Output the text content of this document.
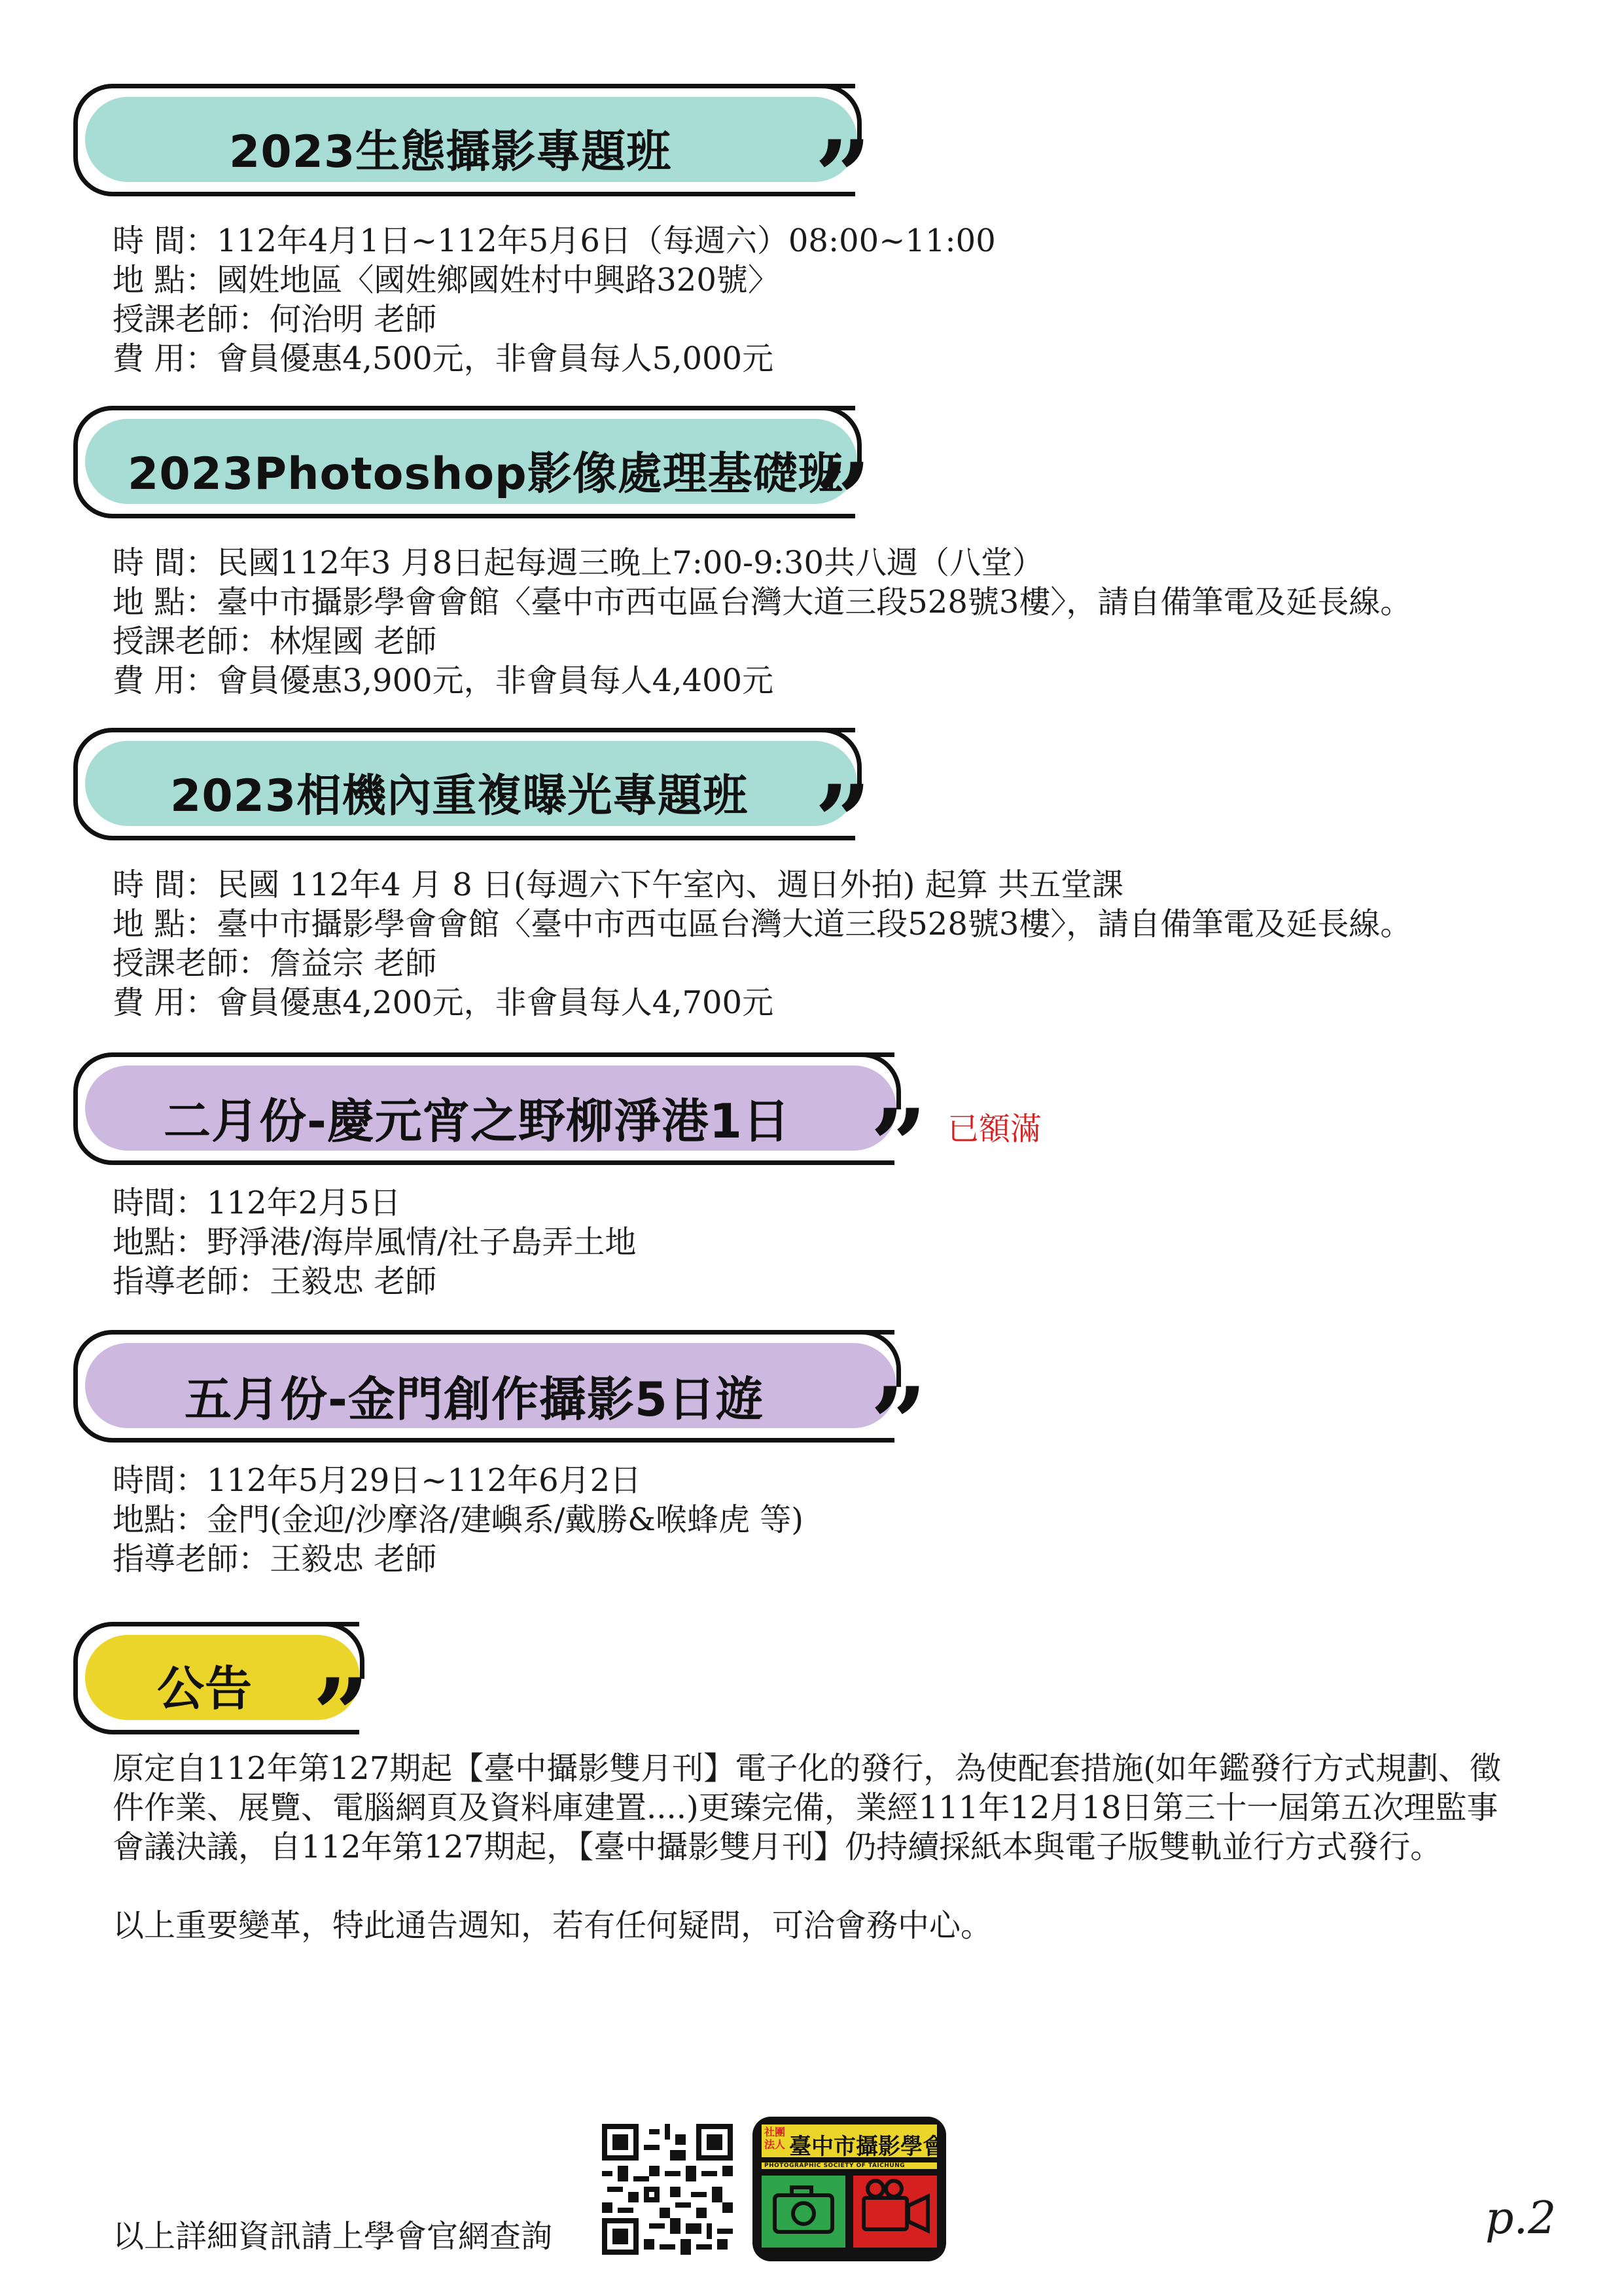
2023生態攝影專題班 ”
時 間：112年4月1日~112年5月6日（每週六）08:00~11:00
地 點：國姓地區〈國姓鄉國姓村中興路320號〉
授課老師：何治明 老師
費 用：會員優惠4,500元，非會員每人5,000元
2023Photoshop影像處理基礎班
”
時 間：民國112年3 月8日起每週三晚上7:00-9:30共八週（八堂）
地 點：臺中市攝影學會會館〈臺中市西屯區台灣大道三段528號3樓〉，請自備筆電及延長線。
授課老師：林煋國 老師
費 用：會員優惠3,900元，非會員每人4,400元
2023相機內重複曝光專題班 ”
時 間：民國 112年4 月 8 日(每週六下午室內、週日外拍) 起算 共五堂課
地 點：臺中市攝影學會會館〈臺中市西屯區台灣大道三段528號3樓〉，請自備筆電及延長線。
授課老師：詹益宗 老師
費 用：會員優惠4,200元，非會員每人4,700元
二月份-慶元宵之野柳淨港1日 ” 已額滿
時間：112年2月5日
地點：野淨港/海岸風情/社子島弄土地
指導老師：王毅忠 老師
五月份-金門創作攝影5日遊 ”
時間：112年5月29日~112年6月2日
地點：金門(金迎/沙摩洛/建嶼系/戴勝&喉蜂虎 等)
指導老師：王毅忠 老師
公告 ”

原定自112年第127期起【臺中攝影雙月刊】電子化的發行，為使配套措施(如年鑑發行方式規劃、徵件作業、展覽、電腦網頁及資料庫建置....)更臻完備，業經111年12月18日第三十一屆第五次理監事會議決議，自112年第127期起，【臺中攝影雙月刊】仍持續採紙本與電子版雙軌並行方式發行。

以上重要變革，特此通告週知，若有任何疑問，可洽會務中心。

以上詳細資訊請上學會官網查詢
社團法人 臺中市攝影學會
PHOTOGRAPHIC SOCIETY OF TAICHUNG
p.2
